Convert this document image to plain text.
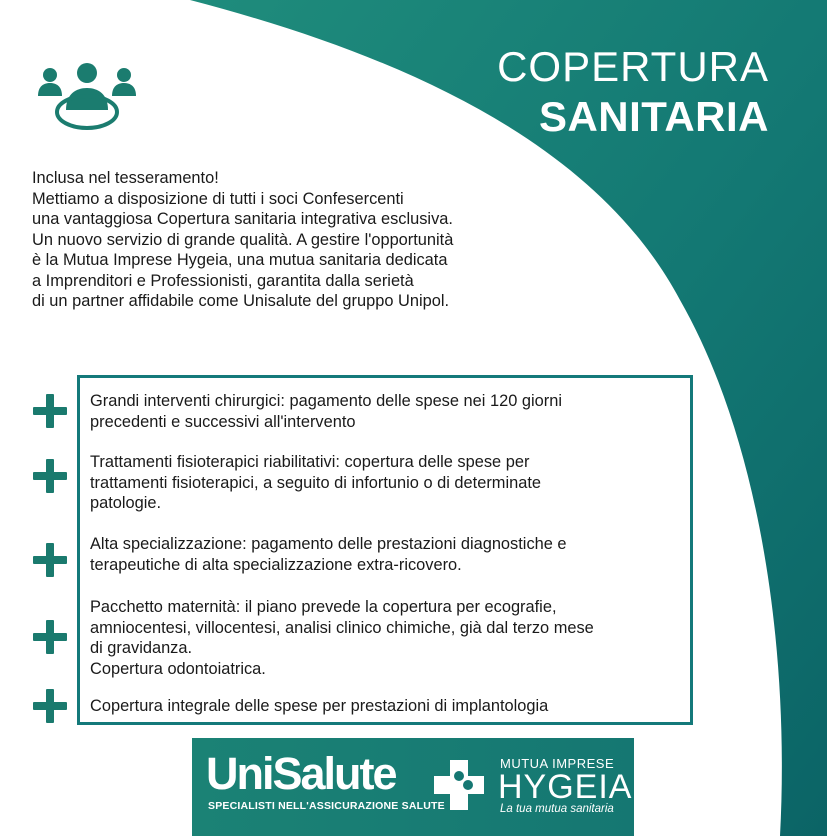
COPERTURA
SANITARIA
Inclusa nel tesseramento!
Mettiamo a disposizione di tutti i soci Confesercenti
una vantaggiosa Copertura sanitaria integrativa esclusiva.
Un nuovo servizio di grande qualità. A gestire l'opportunità
è la Mutua Imprese Hygeia, una mutua sanitaria dedicata
a Imprenditori e Professionisti, garantita dalla serietà
di un partner affidabile come Unisalute del gruppo Unipol.
Grandi interventi chirurgici: pagamento delle spese nei 120 giorni
precedenti e successivi all'intervento
Trattamenti fisioterapici riabilitativi: copertura delle spese per
trattamenti fisioterapici, a seguito di infortunio o di determinate
patologie.
Alta specializzazione: pagamento delle prestazioni diagnostiche e
terapeutiche di alta specializzazione extra-ricovero.
Pacchetto maternità: il piano prevede la copertura per ecografie,
amniocentesi, villocentesi, analisi clinico chimiche, già dal terzo mese
di gravidanza.
Copertura odontoiatrica.
Copertura integrale delle spese per prestazioni di implantologia
UniSalute
SPECIALISTI NELL'ASSICURAZIONE SALUTE
MUTUA IMPRESE
HYGEIA
La tua mutua sanitaria
